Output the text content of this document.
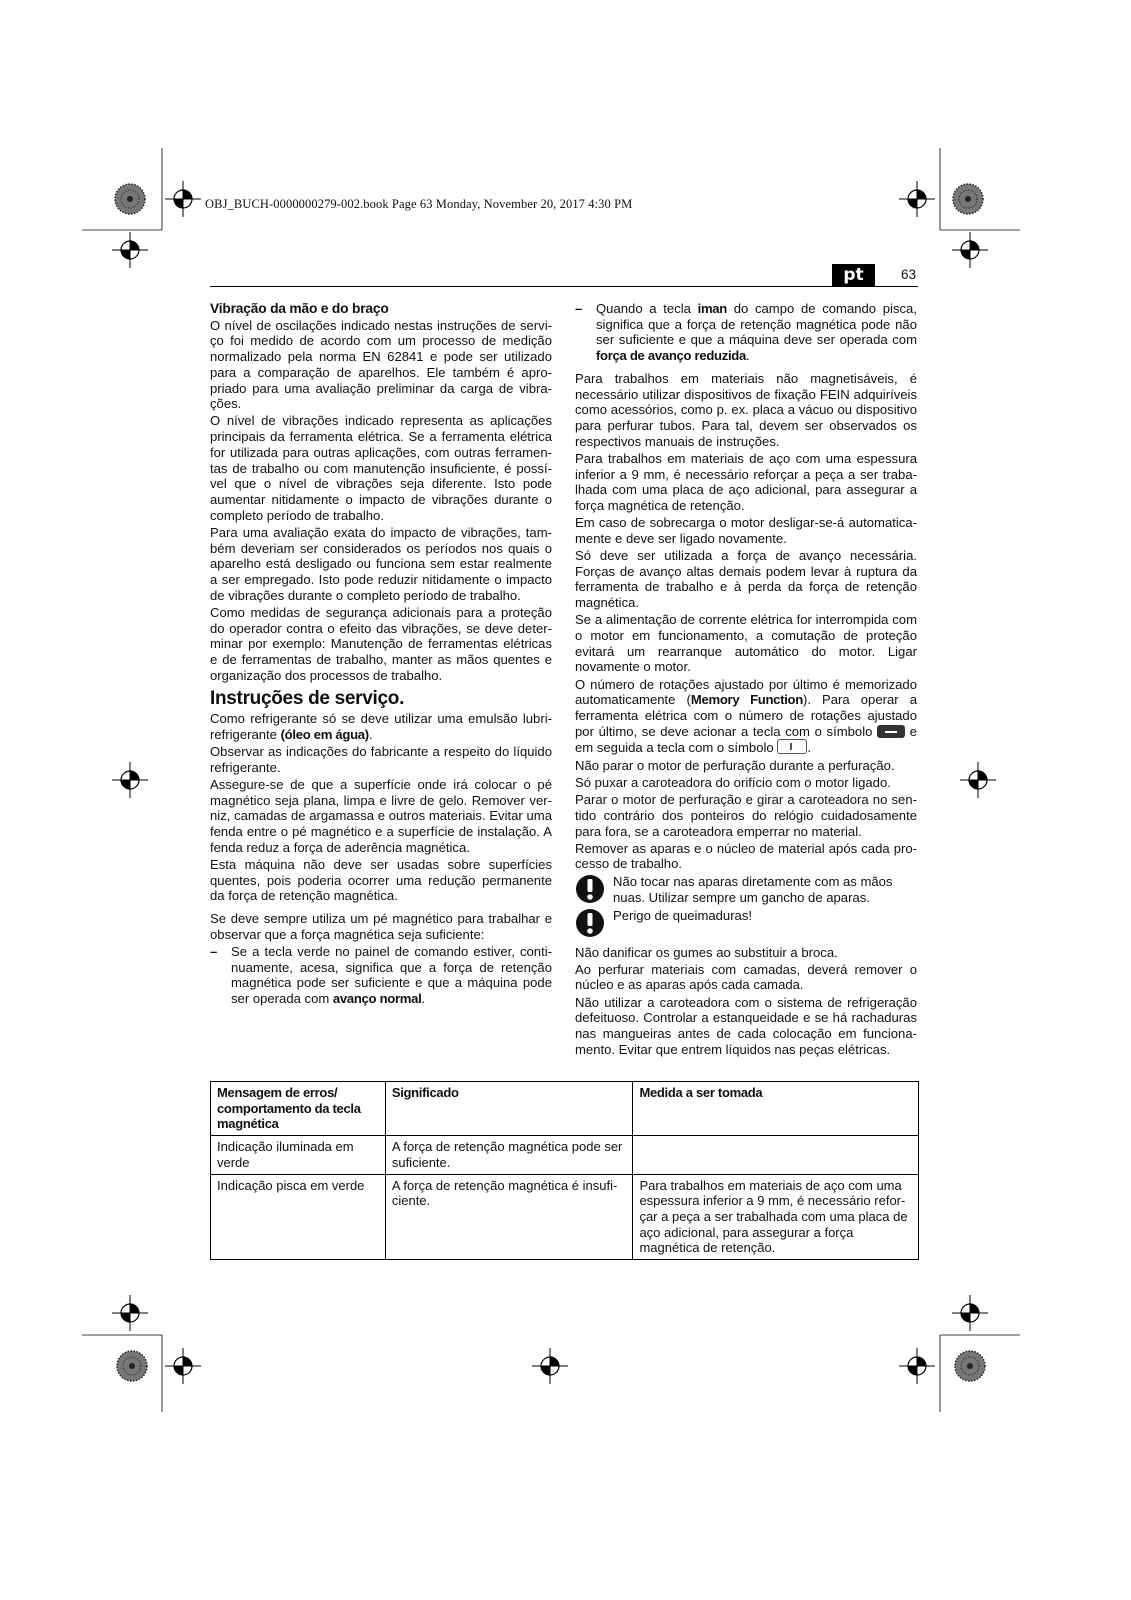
OBJ_BUCH-0000000279-002.book Page 63 Monday, November 20, 2017 4:30 PM
pt	63
Vibração da mão e do braço

O nível de oscilações indicado nestas instruções de serviço foi medido de acordo com um processo de medição normalizado pela norma EN 62841 e pode ser utilizado para a comparação de aparelhos. Ele também é apropriado para uma avaliação preliminar da carga de vibrações.

O nível de vibrações indicado representa as aplicações principais da ferramenta elétrica. Se a ferramenta elétrica for utilizada para outras aplicações, com outras ferramentas de trabalho ou com manutenção insuficiente, é possível que o nível de vibrações seja diferente. Isto pode aumentar nitidamente o impacto de vibrações durante o completo período de trabalho.

Para uma avaliação exata do impacto de vibrações, também deveriam ser considerados os períodos nos quais o aparelho está desligado ou funciona sem estar realmente a ser empregado. Isto pode reduzir nitidamente o impacto de vibrações durante o completo período de trabalho.

Como medidas de segurança adicionais para a proteção do operador contra o efeito das vibrações, se deve determinar por exemplo: Manutenção de ferramentas elétricas e de ferramentas de trabalho, manter as mãos quentes e organização dos processos de trabalho.

Instruções de serviço.

Como refrigerante só se deve utilizar uma emulsão lubrirefrigerante (óleo em água).

Observar as indicações do fabricante a respeito do líquido refrigerante.

Assegure-se de que a superfície onde irá colocar o pé magnético seja plana, limpa e livre de gelo. Remover verniz, camadas de argamassa e outros materiais. Evitar uma fenda entre o pé magnético e a superfície de instalação. A fenda reduz a força de aderência magnética.

Esta máquina não deve ser usadas sobre superfícies quentes, pois poderia ocorrer uma redução permanente da força de retenção magnética.

Se deve sempre utiliza um pé magnético para trabalhar e observar que a força magnética seja suficiente:

–	Se a tecla verde no painel de comando estiver, continuamente, acesa, significa que a força de retenção magnética pode ser suficiente e que a máquina pode ser operada com avanço normal.
–	Quando a tecla iman do campo de comando pisca, significa que a força de retenção magnética pode não ser suficiente e que a máquina deve ser operada com força de avanço reduzida.

Para trabalhos em materiais não magnetisáveis, é necessário utilizar dispositivos de fixação FEIN adquiríveis como acessórios, como p. ex. placa a vácuo ou dispositivo para perfurar tubos. Para tal, devem ser observados os respectivos manuais de instruções.

Para trabalhos em materiais de aço com uma espessura inferior a 9 mm, é necessário reforçar a peça a ser trabalhada com uma placa de aço adicional, para assegurar a força magnética de retenção.

Em caso de sobrecarga o motor desligar-se-á automaticamente e deve ser ligado novamente.

Só deve ser utilizada a força de avanço necessária. Forças de avanço altas demais podem levar à ruptura da ferramenta de trabalho e à perda da força de retenção magnética.

Se a alimentação de corrente elétrica for interrompida com o motor em funcionamento, a comutação de proteção evitará um rearranque automático do motor. Ligar novamente o motor.

O número de rotações ajustado por último é memorizado automaticamente (Memory Function). Para operar a ferramenta elétrica com o número de rotações ajustado por último, se deve acionar a tecla com o símbolo  e em seguida a tecla com o símbolo .

Não parar o motor de perfuração durante a perfuração.

Só puxar a caroteadora do orifício com o motor ligado.

Parar o motor de perfuração e girar a caroteadora no sentido contrário dos ponteiros do relógio cuidadosamente para fora, se a caroteadora emperrar no material.

Remover as aparas e o núcleo de material após cada processo de trabalho.

Não tocar nas aparas diretamente com as mãos nuas. Utilizar sempre um gancho de aparas.
Perigo de queimaduras!

Não danificar os gumes ao substituir a broca.

Ao perfurar materiais com camadas, deverá remover o núcleo e as aparas após cada camada.

Não utilizar a caroteadora com o sistema de refrigeração defeituoso. Controlar a estanqueidade e se há rachaduras nas mangueiras antes de cada colocação em funcionamento. Evitar que entrem líquidos nas peças elétricas.

Mensagem de erros/ comportamento da tecla magnética	Significado	Medida a ser tomada
Indicação iluminada em verde	A força de retenção magnética pode ser suficiente.	
Indicação pisca em verde	A força de retenção magnética é insuficiente.	Para trabalhos em materiais de aço com uma espessura inferior a 9 mm, é necessário reforçar a peça a ser trabalhada com uma placa de aço adicional, para assegurar a força magnética de retenção.
